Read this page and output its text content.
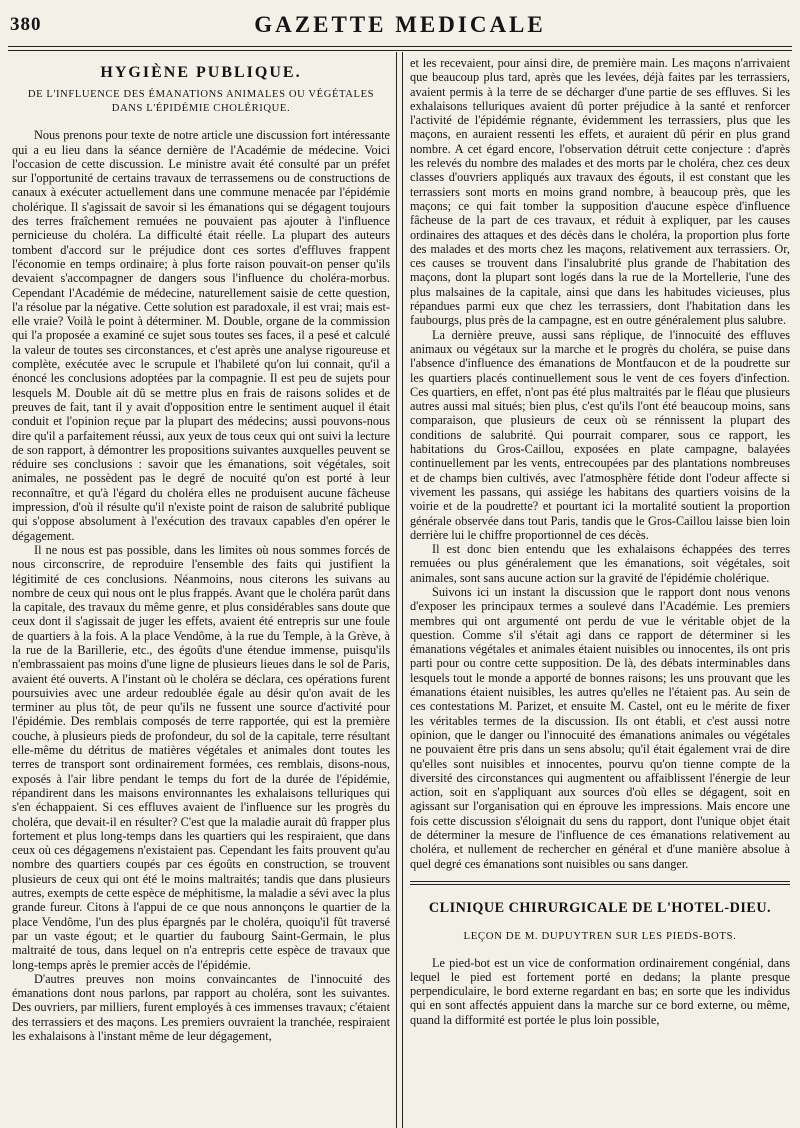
380	GAZETTE MEDICALE
HYGIÈNE PUBLIQUE.
DE L'INFLUENCE DES ÉMANATIONS ANIMALES OU VÉGÉTALES DANS L'ÉPIDÉMIE CHOLÉRIQUE.

Nous prenons pour texte de notre article une discussion fort intéressante qui a eu lieu dans la séance dernière de l'Académie de médecine. Voici l'occasion de cette discussion. Le ministre avait été consulté par un préfet sur l'opportunité de certains travaux de terrassemens ou de constructions de canaux à exécuter actuellement dans une commune menacée par l'épidémie cholérique. Il s'agissait de savoir si les émanations qui se dégagent toujours des terres fraîchement remuées ne pouvaient pas ajouter à l'influence pernicieuse du choléra. La difficulté était réelle. La plupart des auteurs tombent d'accord sur le préjudice dont ces sortes d'effluves frappent l'économie en temps ordinaire; à plus forte raison pouvait-on penser qu'ils devaient s'accompagner de dangers sous l'influence du choléra-morbus. Cependant l'Académie de médecine, naturellement saisie de cette question, l'a résolue par la négative. Cette solution est paradoxale, il est vrai; mais est-elle vraie? Voilà le point à déterminer. M. Double, organe de la commission qui l'a proposée a examiné ce sujet sous toutes ses faces, il a pesé et calculé la valeur de toutes ses circonstances, et c'est après une analyse rigoureuse et complète, exécutée avec le scrupule et l'habileté qu'on lui connait, qu'il a énoncé les conclusions adoptées par la compagnie. Il est peu de sujets pour lesquels M. Double ait dû se mettre plus en frais de raisons solides et de preuves de fait, tant il y avait d'opposition entre le sentiment auquel il était conduit et l'opinion reçue par la plupart des médecins; aussi pouvons-nous dire qu'il a parfaitement réussi, aux yeux de tous ceux qui ont suivi la lecture de son rapport, à démontrer les propositions suivantes auxquelles peuvent se réduire ses conclusions : savoir que les émanations, soit végétales, soit animales, ne possèdent pas le degré de nocuité qu'on est porté à leur reconnaître, et qu'à l'égard du choléra elles ne produisent aucune fâcheuse impression, d'où il résulte qu'il n'existe point de raison de salubrité publique qui s'oppose absolument à l'exécution des travaux capables d'en opérer le dégagement.

Il ne nous est pas possible, dans les limites où nous sommes forcés de nous circonscrire, de reproduire l'ensemble des faits qui justifient la légitimité de ces conclusions. Néanmoins, nous citerons les suivans au nombre de ceux qui nous ont le plus frappés. Avant que le choléra parût dans la capitale, des travaux du même genre, et plus considérables sans doute que ceux dont il s'agissait de juger les effets, avaient été entrepris sur une foule de quartiers à la fois. A la place Vendôme, à la rue du Temple, à la Grève, à la rue de la Barillerie, etc., des égoûts d'une étendue immense, puisqu'ils n'embrassaient pas moins d'une ligne de plusieurs lieues dans le sol de Paris, avaient été ouverts. A l'instant où le choléra se déclara, ces opérations furent poursuivies avec une ardeur redoublée égale au désir qu'on avait de les terminer au plus tôt, de peur qu'ils ne fussent une source d'activité pour l'épidémie. Des remblais composés de terre rapportée, qui est la première couche, à plusieurs pieds de profondeur, du sol de la capitale, terre résultant elle-même du détritus de matières végétales et animales dont toutes les terres de transport sont ordinairement formées, ces remblais, disons-nous, exposés à l'air libre pendant le temps du fort de la durée de l'épidémie, répandirent dans les maisons environnantes les exhalaisons telluriques qui s'en échappaient. Si ces effluves avaient de l'influence sur les progrès du choléra, que devait-il en résulter? C'est que la maladie aurait dû frapper plus fortement et plus long-temps dans les quartiers qui les respiraient, que dans ceux où ces dégagemens n'existaient pas. Cependant les faits prouvent qu'au nombre des quartiers coupés par ces égoûts en construction, se trouvent plusieurs de ceux qui ont été le moins maltraités; tandis que dans plusieurs autres, exempts de cette espèce de méphitisme, la maladie a sévi avec la plus grande fureur. Citons à l'appui de ce que nous annonçons le quartier de la place Vendôme, l'un des plus épargnés par le choléra, quoiqu'il fût traversé par un vaste égout; et le quartier du faubourg Saint-Germain, le plus maltraité de tous, dans lequel on n'a entrepris cette espèce de travaux que long-temps après le premier accès de l'épidémie.

D'autres preuves non moins convaincantes de l'innocuité des émanations dont nous parlons, par rapport au choléra, sont les suivantes. Des ouvriers, par milliers, furent employés à ces immenses travaux; c'étaient des terrassiers et des maçons. Les premiers ouvraient la tranchée, respiraient les exhalaisons à l'instant même de leur dégagement,

et les recevaient, pour ainsi dire, de première main. Les maçons n'arrivaient que beaucoup plus tard, après que les levées, déjà faites par les terrassiers, avaient permis à la terre de se décharger d'une partie de ses effluves. Si les exhalaisons telluriques avaient dû porter préjudice à la santé et renforcer l'activité de l'épidémie régnante, évidemment les terrassiers, plus que les maçons, en auraient ressenti les effets, et auraient dû périr en plus grand nombre. A cet égard encore, l'observation détruit cette conjecture : d'après les relevés du nombre des malades et des morts par le choléra, chez ces deux classes d'ouvriers appliqués aux travaux des égouts, il est constant que les terrassiers sont morts en moins grand nombre, à beaucoup près, que les maçons; ce qui fait tomber la supposition d'aucune espèce d'influence fâcheuse de la part de ces travaux, et réduit à expliquer, par les causes ordinaires des attaques et des décès dans le choléra, la proportion plus forte des malades et des morts chez les maçons, relativement aux terrassiers. Or, ces causes se trouvent dans l'insalubrité plus grande de l'habitation des maçons, dont la plupart sont logés dans la rue de la Mortellerie, l'une des plus malsaines de la capitale, ainsi que dans les habitudes vicieuses, plus répandues parmi eux que chez les terrassiers, dont l'habitation dans les faubourgs, plus près de la campagne, est en outre généralement plus salubre.

La dernière preuve, aussi sans réplique, de l'innocuité des effluves animaux ou végétaux sur la marche et le progrès du choléra, se puise dans l'absence d'influence des émanations de Montfaucon et de la poudrette sur les quartiers placés continuellement sous le vent de ces foyers d'infection. Ces quartiers, en effet, n'ont pas été plus maltraités par le fléau que plusieurs autres aussi mal situés; bien plus, c'est qu'ils l'ont été beaucoup moins, sans comparaison, que plusieurs de ceux où se rénnissent la plupart des conditions de salubrité. Qui pourrait comparer, sous ce rapport, les habitations du Gros-Caillou, exposées en plate campagne, balayées continuellement par les vents, entrecoupées par des plantations nombreuses et de champs bien cultivés, avec l'atmosphère fétide dont l'odeur affecte si vivement les passans, qui assiége les habitans des quartiers voisins de la voirie et de la poudrette? et pourtant ici la mortalité soutient la proportion générale observée dans tout Paris, tandis que le Gros-Caillou laisse bien loin derrière lui le chiffre proportionnel de ces décès.

Il est donc bien entendu que les exhalaisons échappées des terres remuées ou plus généralement que les émanations, soit végétales, soit animales, sont sans aucune action sur la gravité de l'épidémie cholérique.

Suivons ici un instant la discussion que le rapport dont nous venons d'exposer les principaux termes a soulevé dans l'Académie. Les premiers membres qui ont argumenté ont perdu de vue le véritable objet de la question. Comme s'il s'était agi dans ce rapport de déterminer si les émanations végétales et animales étaient nuisibles ou innocentes, ils ont pris parti pour ou contre cette supposition. De là, des débats interminables dans lesquels tout le monde a apporté de bonnes raisons; les uns prouvant que les émanations étaient nuisibles, les autres qu'elles ne l'étaient pas. Au sein de ces contestations M. Parizet, et ensuite M. Castel, ont eu le mérite de fixer les véritables termes de la discussion. Ils ont établi, et c'est aussi notre opinion, que le danger ou l'innocuité des émanations animales ou végétales ne pouvaient être pris dans un sens absolu; qu'il était également vrai de dire qu'elles sont nuisibles et innocentes, pourvu qu'on tienne compte de la diversité des circonstances qui augmentent ou affaiblissent l'énergie de leur action, soit en s'appliquant aux sources d'où elles se dégagent, soit en agissant sur l'organisation qui en éprouve les impressions. Mais encore une fois cette discussion s'éloignait du sens du rapport, dont l'unique objet était de déterminer la mesure de l'influence de ces émanations relativement au choléra, et nullement de rechercher en général et d'une manière absolue à quel degré ces émanations sont nuisibles ou sans danger.

CLINIQUE CHIRURGICALE DE L'HOTEL-DIEU.
LEÇON DE M. DUPUYTREN SUR LES PIEDS-BOTS.

Le pied-bot est un vice de conformation ordinairement congénial, dans lequel le pied est fortement porté en dedans; la plante presque perpendiculaire, le bord externe regardant en bas; en sorte que les individus qui en sont affectés appuient dans la marche sur ce bord externe, ou même, quand la difformité est portée le plus loin possible,
